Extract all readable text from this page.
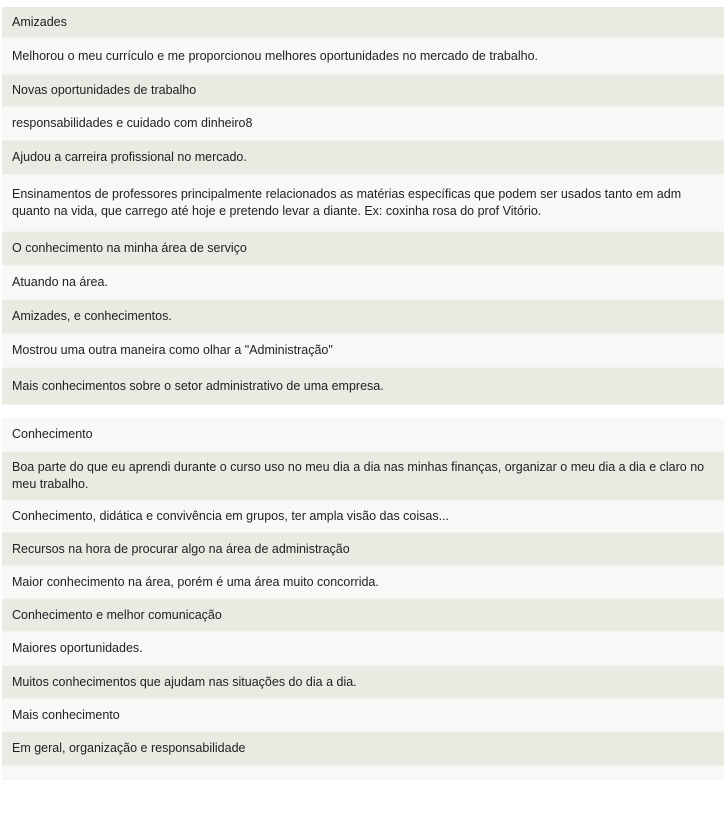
Amizades
Melhorou o meu currículo e me proporcionou melhores oportunidades no mercado de trabalho.
Novas oportunidades de trabalho
responsabilidades e cuidado com dinheiro8
Ajudou a carreira profissional no mercado.
Ensinamentos de professores principalmente relacionados as matérias específicas que podem ser usados tanto em adm quanto na vida, que carrego até hoje e pretendo levar a diante. Ex: coxinha rosa do prof Vitório.
O conhecimento na minha área de serviço
Atuando na área.
Amizades, e conhecimentos.
Mostrou uma outra maneira como olhar a "Administração"
Mais conhecimentos sobre o setor administrativo de uma empresa.
Conhecimento
Boa parte do que eu aprendi durante o curso uso no meu dia a dia nas minhas finanças, organizar o meu dia a dia e claro no meu trabalho.
Conhecimento, didática e convivência em grupos, ter ampla visão das coisas...
Recursos na hora de procurar algo na área de administração
Maior conhecimento na área, porém é uma área muito concorrida.
Conhecimento e melhor comunicação
Maiores oportunidades.
Muitos conhecimentos que ajudam nas situações do dia a dia.
Mais conhecimento
Em geral, organização e responsabilidade
